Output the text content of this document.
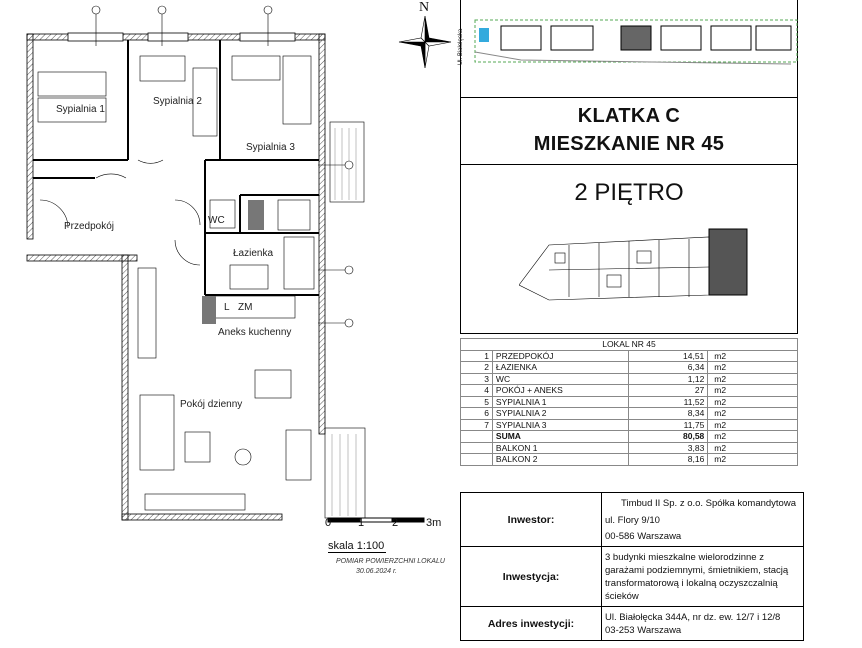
N
Sypialnia 1
Sypialnia 2
Sypialnia 3
Przedpokój
WC
Łazienka
L ZM
Aneks kuchenny
Pokój dzienny
0 1	2	3m
skala 1:100
POMIAR POWIERZCHNI LOKALU
30.06.2024 r.
Ul. Białołęcka
KLATKA C
MIESZKANIE NR 45
2 PIĘTRO
LOKAL NR 45			
1	PRZEDPOKÓJ	14,51	m2
2	ŁAZIENKA	6,34	m2
3	WC	1,12	m2
4	POKÓJ + ANEKS	27	m2
5	SYPIALNIA 1	11,52	m2
6	SYPIALNIA 2	8,34	m2
7	SYPIALNIA 3	11,75	m2
	SUMA	80,58	m2
	BALKON 1	3,83	m2
	BALKON 2	8,16	m2
Inwestor:	Timbud II Sp. z o.o. Spółka komandytowa
ul. Flory 9/10
00-586 Warszawa

Inwestycja:	3 budynki mieszkalne wielorodzinne z garażami podziemnymi, śmietnikiem, stacją transformatorową i lokalną oczyszczalnią ścieków
Adres inwestycji:	Ul. Białołęcka 344A, nr dz. ew. 12/7 i 12/8
03-253 Warszawa
